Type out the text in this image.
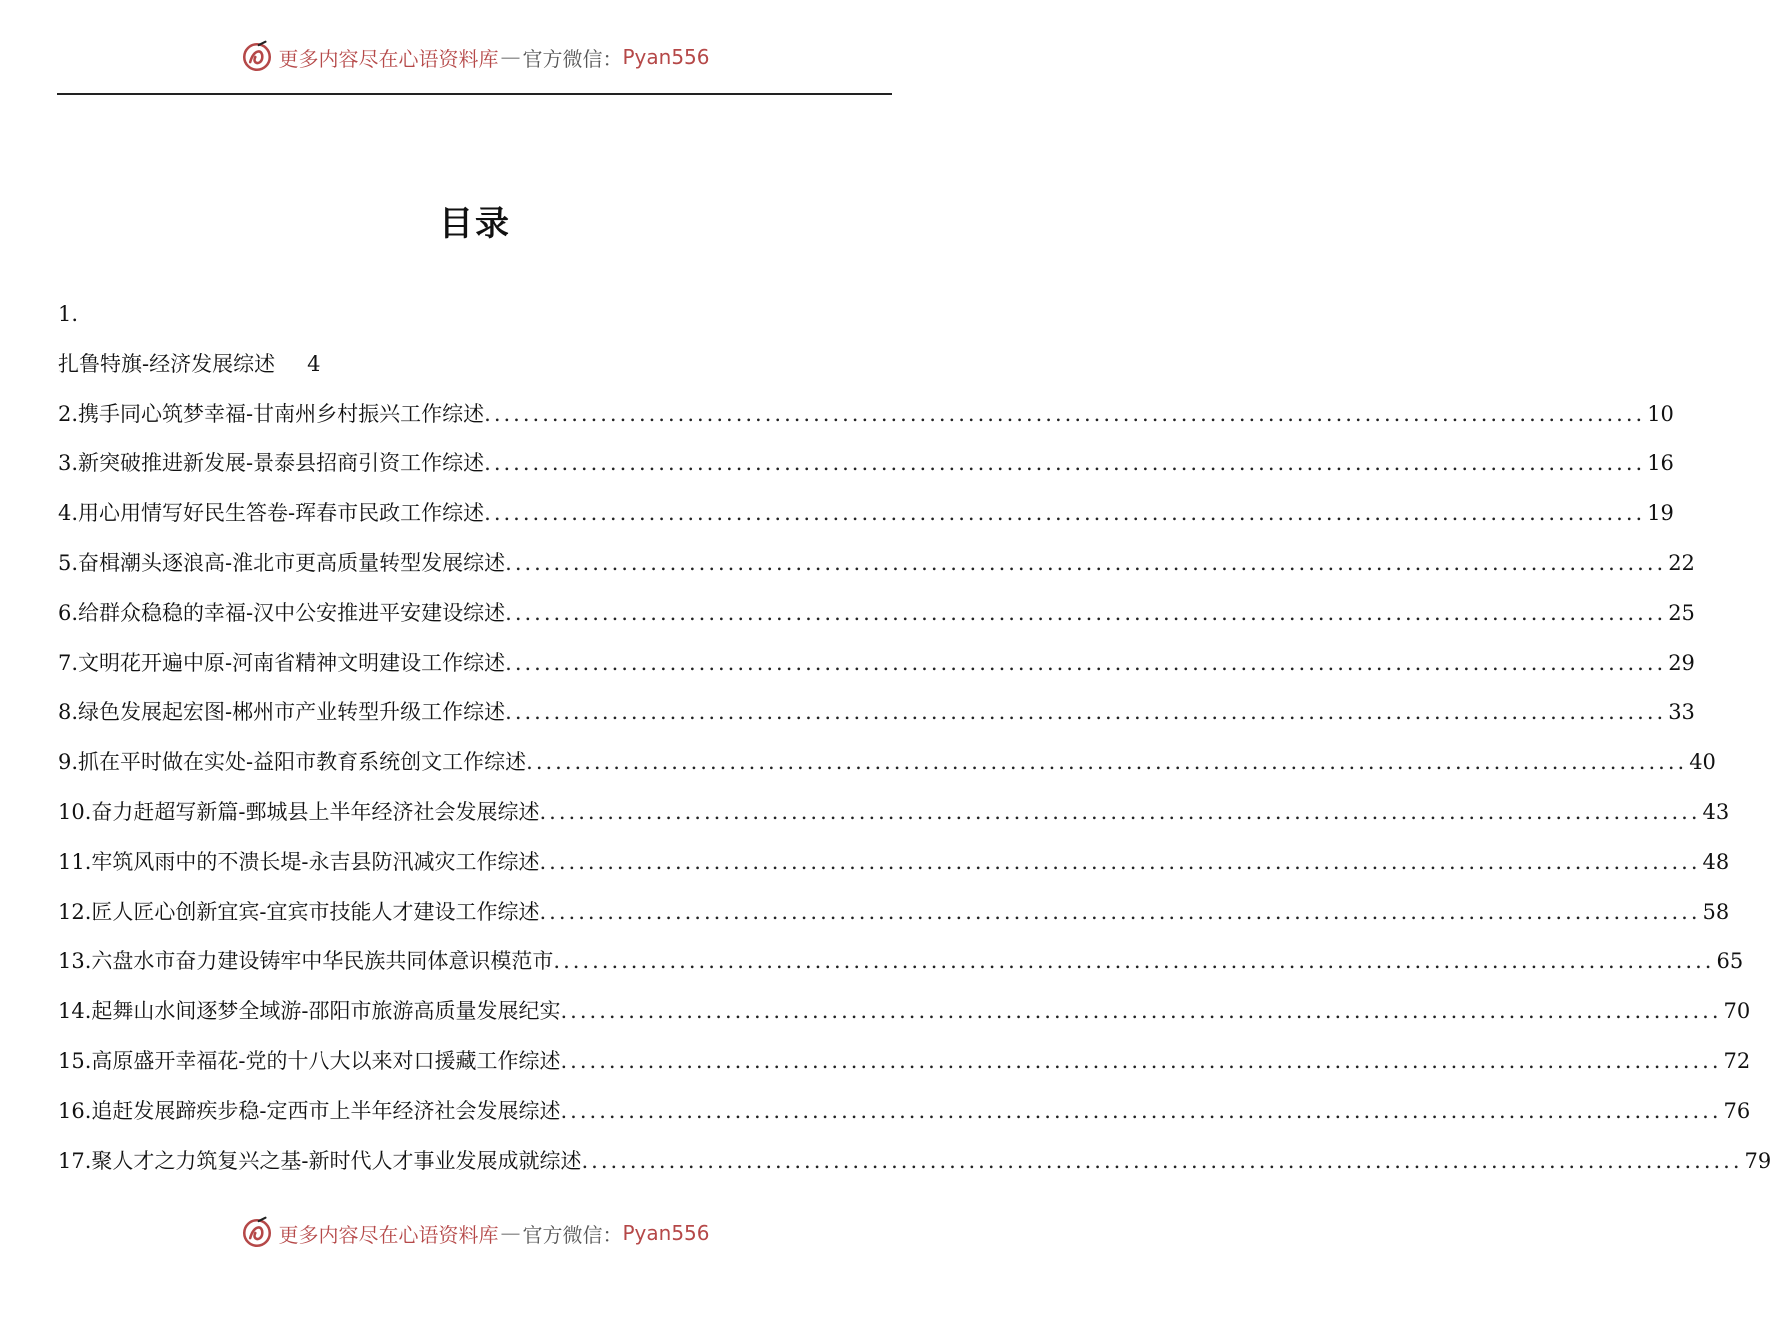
更多内容尽在心语资料库 — 官方微信： Pyan556
目录
1.
扎鲁特旗-经济发展综述 4
2.携手同心筑梦幸福-甘南州乡村振兴工作综述 ........................................................................................................................ 10
3.新突破推进新发展-景泰县招商引资工作综述 ........................................................................................................................ 16
4.用心用情写好民生答卷-珲春市民政工作综述 ........................................................................................................................ 19
5.奋楫潮头逐浪高-淮北市更高质量转型发展综述 ........................................................................................................................ 22
6.给群众稳稳的幸福-汉中公安推进平安建设综述 ........................................................................................................................ 25
7.文明花开遍中原-河南省精神文明建设工作综述 ........................................................................................................................ 29
8.绿色发展起宏图-郴州市产业转型升级工作综述 ........................................................................................................................ 33
9.抓在平时做在实处-益阳市教育系统创文工作综述 ........................................................................................................................ 40
10.奋力赶超写新篇-鄄城县上半年经济社会发展综述 ........................................................................................................................ 43
11.牢筑风雨中的不溃长堤-永吉县防汛减灾工作综述 ........................................................................................................................ 48
12.匠人匠心创新宜宾-宜宾市技能人才建设工作综述 ........................................................................................................................ 58
13.六盘水市奋力建设铸牢中华民族共同体意识模范市 ........................................................................................................................ 65
14.起舞山水间逐梦全域游-邵阳市旅游高质量发展纪实 ........................................................................................................................ 70
15.高原盛开幸福花-党的十八大以来对口援藏工作综述 ........................................................................................................................ 72
16.追赶发展蹄疾步稳-定西市上半年经济社会发展综述 ........................................................................................................................ 76
17.聚人才之力筑复兴之基-新时代人才事业发展成就综述 ........................................................................................................................ 79
更多内容尽在心语资料库 — 官方微信： Pyan556
